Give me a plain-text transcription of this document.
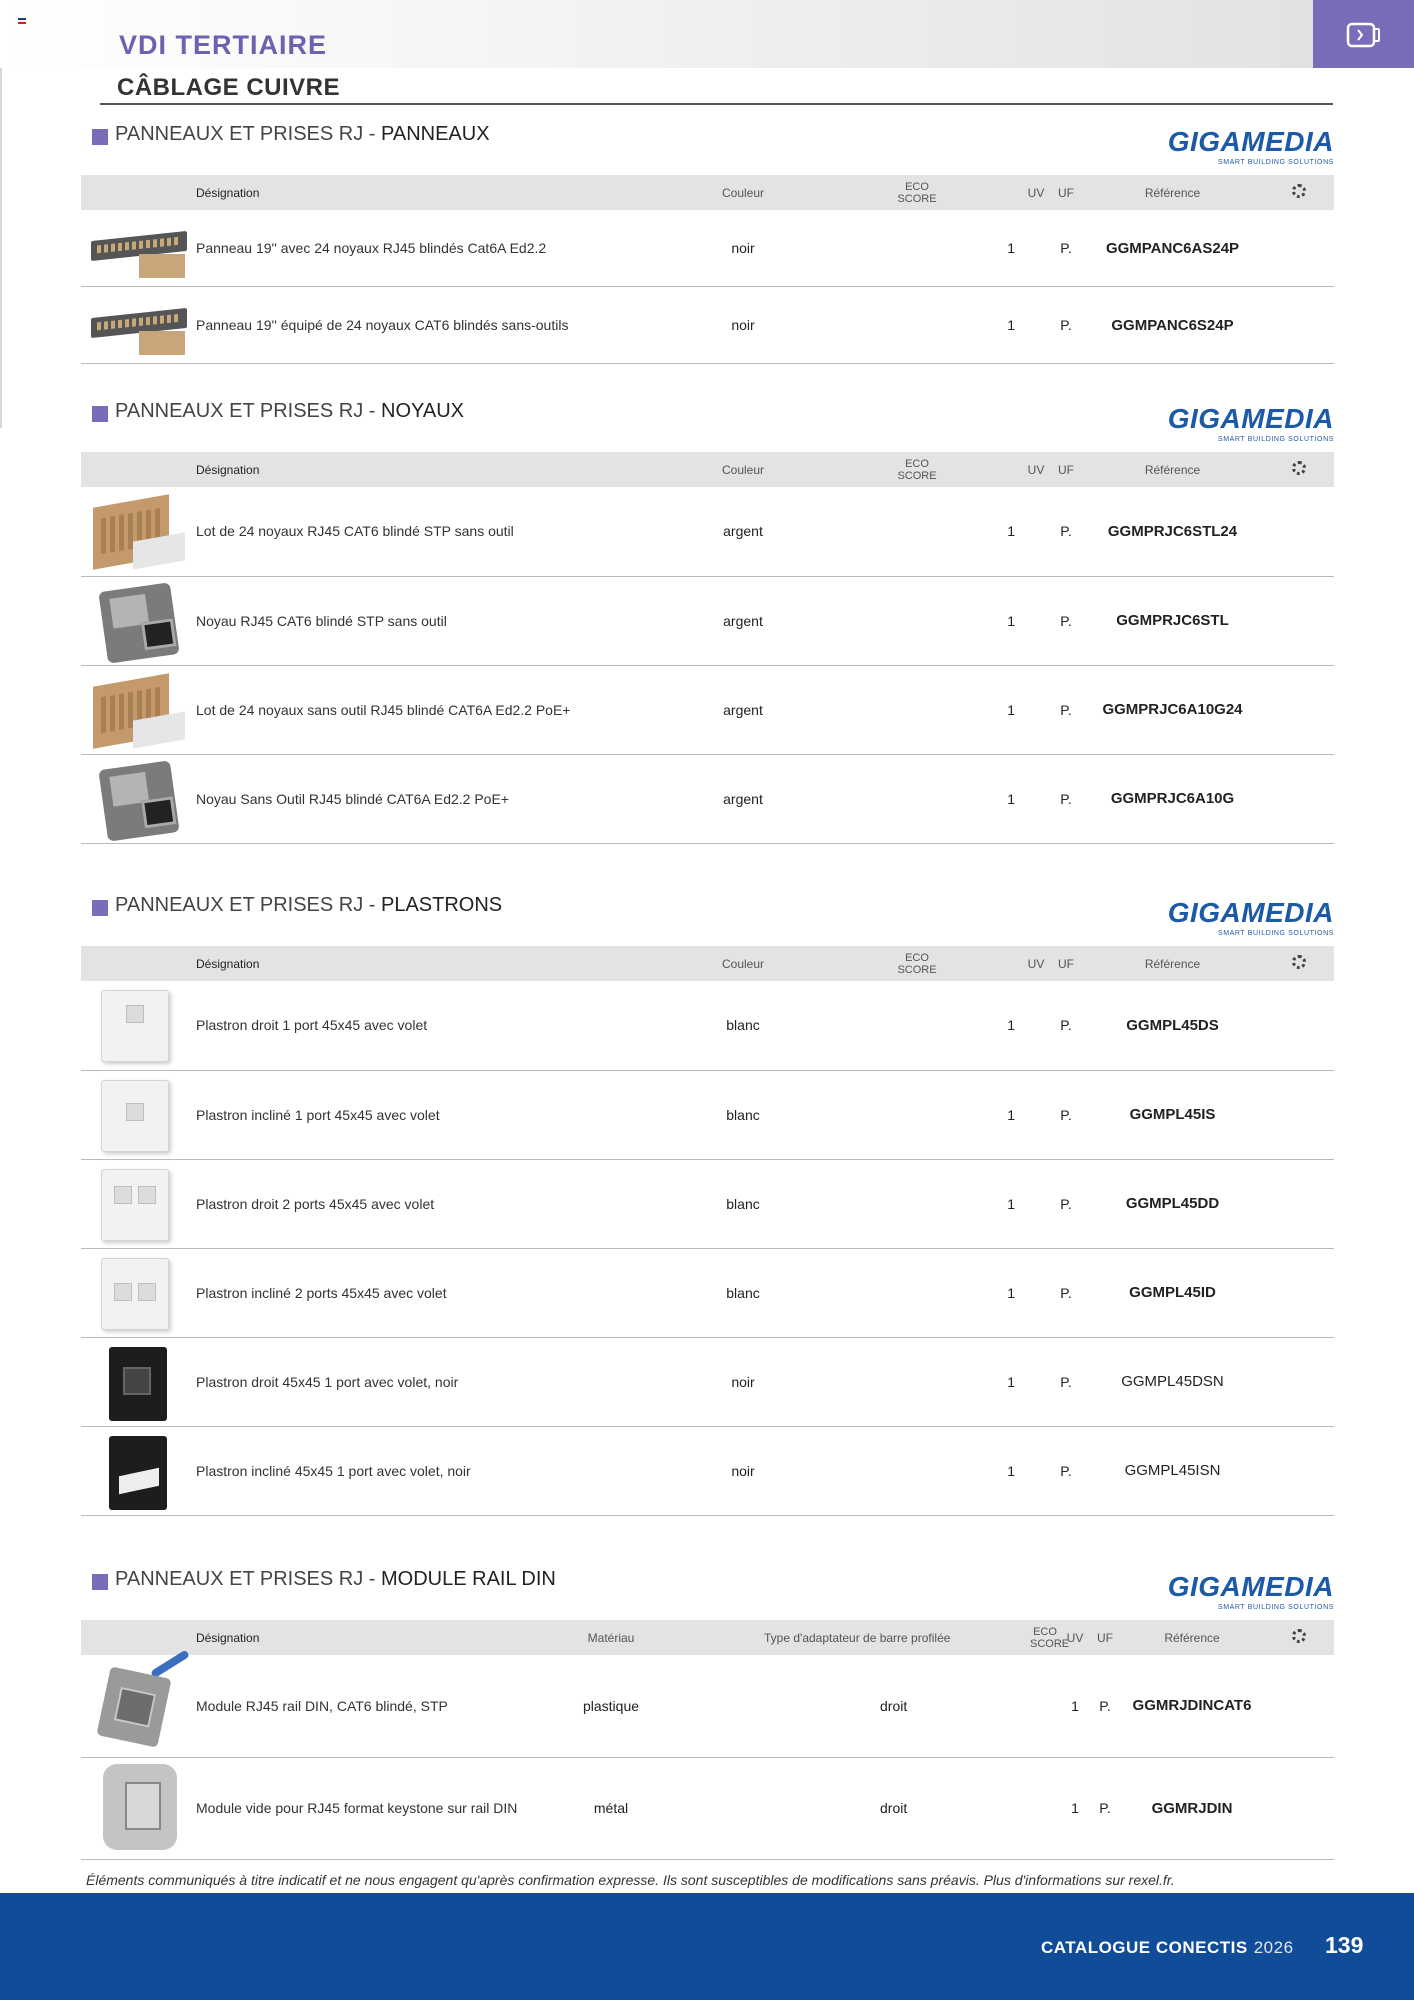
VDI TERTIAIRE
CÂBLAGE CUIVRE
PANNEAUX ET PRISES RJ - PANNEAUX	GIGAMEDIA
SMART BUILDING SOLUTIONS
	Désignation	Couleur	ECO
SCORE	UV	UF	Référence	

	Panneau 19'' avec 24 noyaux RJ45 blindés Cat6A Ed2.2	noir	1		P.	GGMPANC6AS24P	

	Panneau 19'' équipé de 24 noyaux CAT6 blindés sans-outils	noir	1		P.	GGMPANC6S24P	
PANNEAUX ET PRISES RJ - NOYAUX	GIGAMEDIA
SMART BUILDING SOLUTIONS
	Désignation	Couleur	ECO
SCORE	UV	UF	Référence	

	Lot de 24 noyaux RJ45 CAT6 blindé STP sans outil	argent	1		P.	GGMPRJC6STL24	

	Noyau RJ45 CAT6 blindé STP sans outil	argent	1		P.	GGMPRJC6STL	

	Lot de 24 noyaux sans outil RJ45 blindé CAT6A Ed2.2 PoE+	argent	1		P.	GGMPRJC6A10G24	

	Noyau Sans Outil RJ45 blindé CAT6A Ed2.2 PoE+	argent	1		P.	GGMPRJC6A10G	
PANNEAUX ET PRISES RJ - PLASTRONS	GIGAMEDIA
SMART BUILDING SOLUTIONS
	Désignation	Couleur	ECO
SCORE	UV	UF	Référence	

	Plastron droit 1 port 45x45 avec volet	blanc	1		P.	GGMPL45DS	

	Plastron incliné 1 port 45x45 avec volet	blanc	1		P.	GGMPL45IS	

	Plastron droit 2 ports 45x45 avec volet	blanc	1		P.	GGMPL45DD	

	Plastron incliné 2 ports 45x45 avec volet	blanc	1		P.	GGMPL45ID	

	Plastron droit 45x45 1 port avec volet, noir	noir	1		P.	GGMPL45DSN	

	Plastron incliné 45x45 1 port avec volet, noir	noir	1		P.	GGMPL45ISN	
PANNEAUX ET PRISES RJ - MODULE RAIL DIN	GIGAMEDIA
SMART BUILDING SOLUTIONS
	Désignation	Matériau	Type d'adaptateur de barre profilée	ECO
SCORE	UV	UF	Référence	

	Module RJ45 rail DIN, CAT6 blindé, STP	plastique	droit		1	P.	GGMRJDINCAT6	

	Module vide pour RJ45 format keystone sur rail DIN	métal	droit		1	P.	GGMRJDIN	
Éléments communiqués à titre indicatif et ne nous engagent qu'après confirmation expresse. Ils sont susceptibles de modifications sans préavis. Plus d'informations sur rexel.fr.
CATALOGUE CONECTIS 2026 139
